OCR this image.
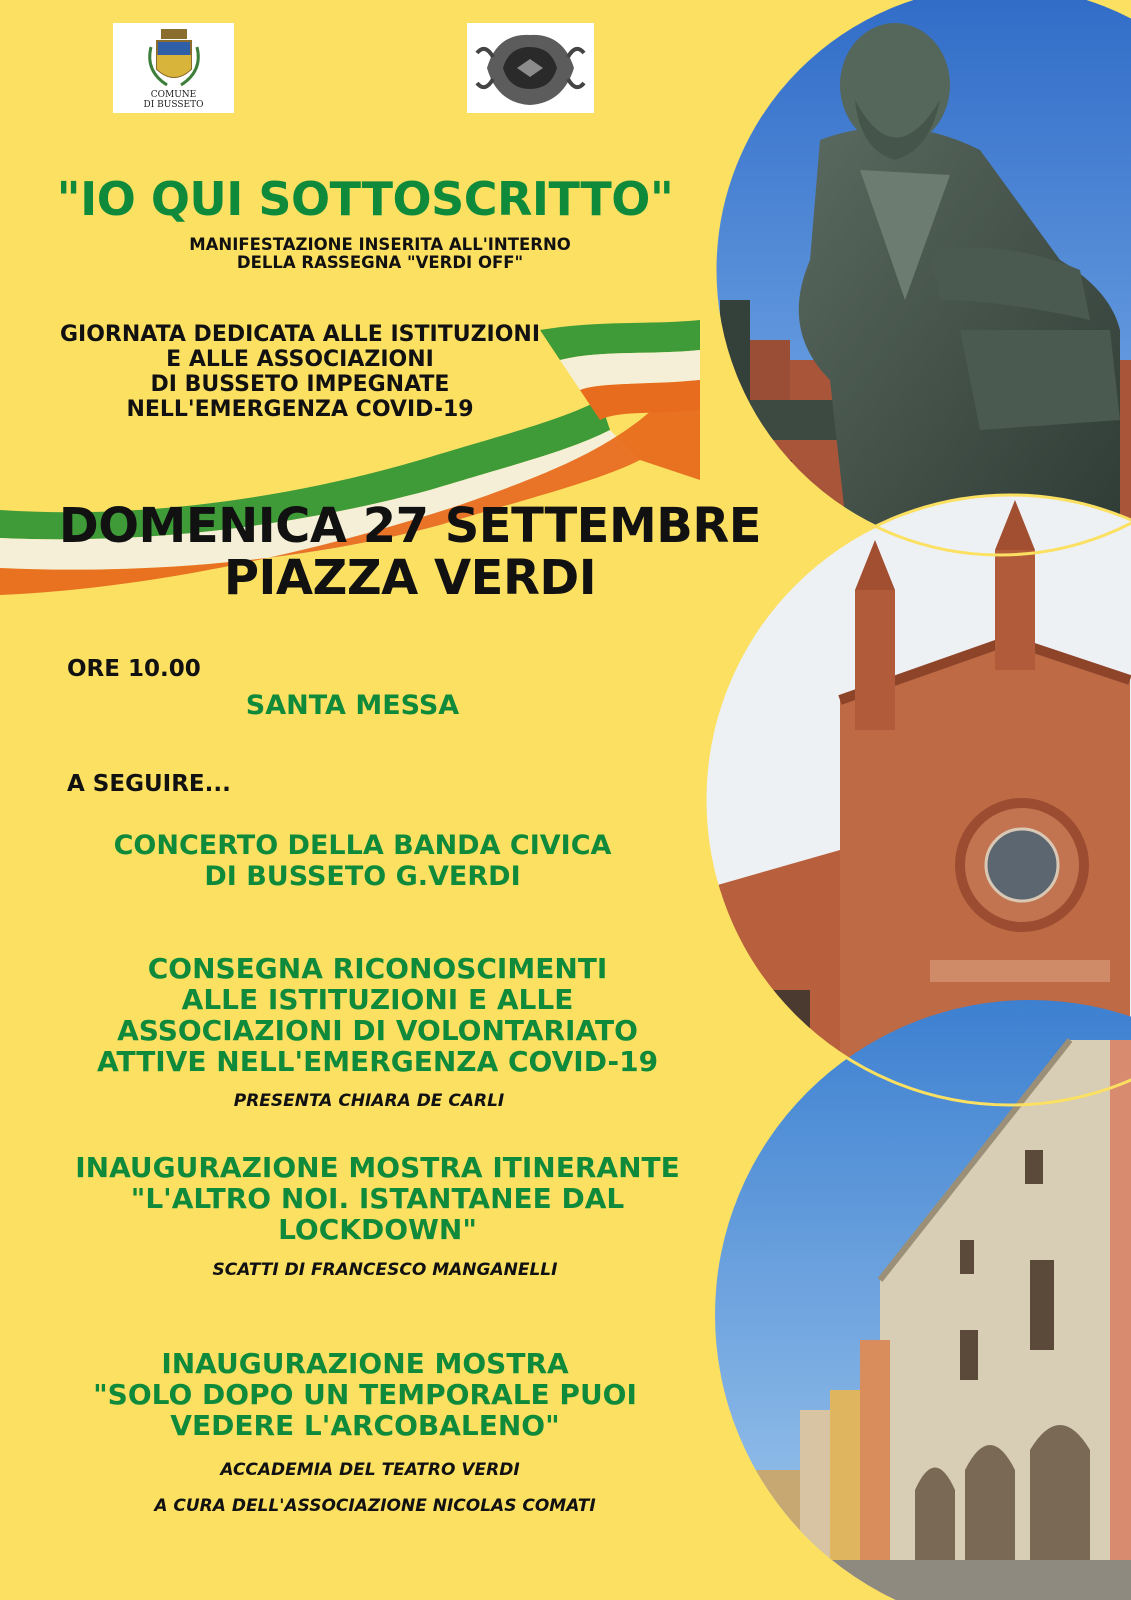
COMUNE
DI BUSSETO
"IO QUI SOTTOSCRITTO"
MANIFESTAZIONE INSERITA ALL'INTERNO
DELLA RASSEGNA "VERDI OFF"
GIORNATA DEDICATA ALLE ISTITUZIONI
E ALLE ASSOCIAZIONI
DI BUSSETO IMPEGNATE
NELL'EMERGENZA COVID-19
DOMENICA 27 SETTEMBRE
PIAZZA VERDI
ORE 10.00
SANTA MESSA
A SEGUIRE...
CONCERTO DELLA BANDA CIVICA
DI BUSSETO G.VERDI
CONSEGNA RICONOSCIMENTI
ALLE ISTITUZIONI E ALLE
ASSOCIAZIONI DI VOLONTARIATO
ATTIVE NELL'EMERGENZA COVID-19
PRESENTA CHIARA DE CARLI
INAUGURAZIONE MOSTRA ITINERANTE
"L'ALTRO NOI. ISTANTANEE DAL
LOCKDOWN"
SCATTI DI FRANCESCO MANGANELLI
INAUGURAZIONE MOSTRA
"SOLO DOPO UN TEMPORALE PUOI
VEDERE L'ARCOBALENO"
ACCADEMIA DEL TEATRO VERDI
A CURA DELL'ASSOCIAZIONE NICOLAS COMATI
